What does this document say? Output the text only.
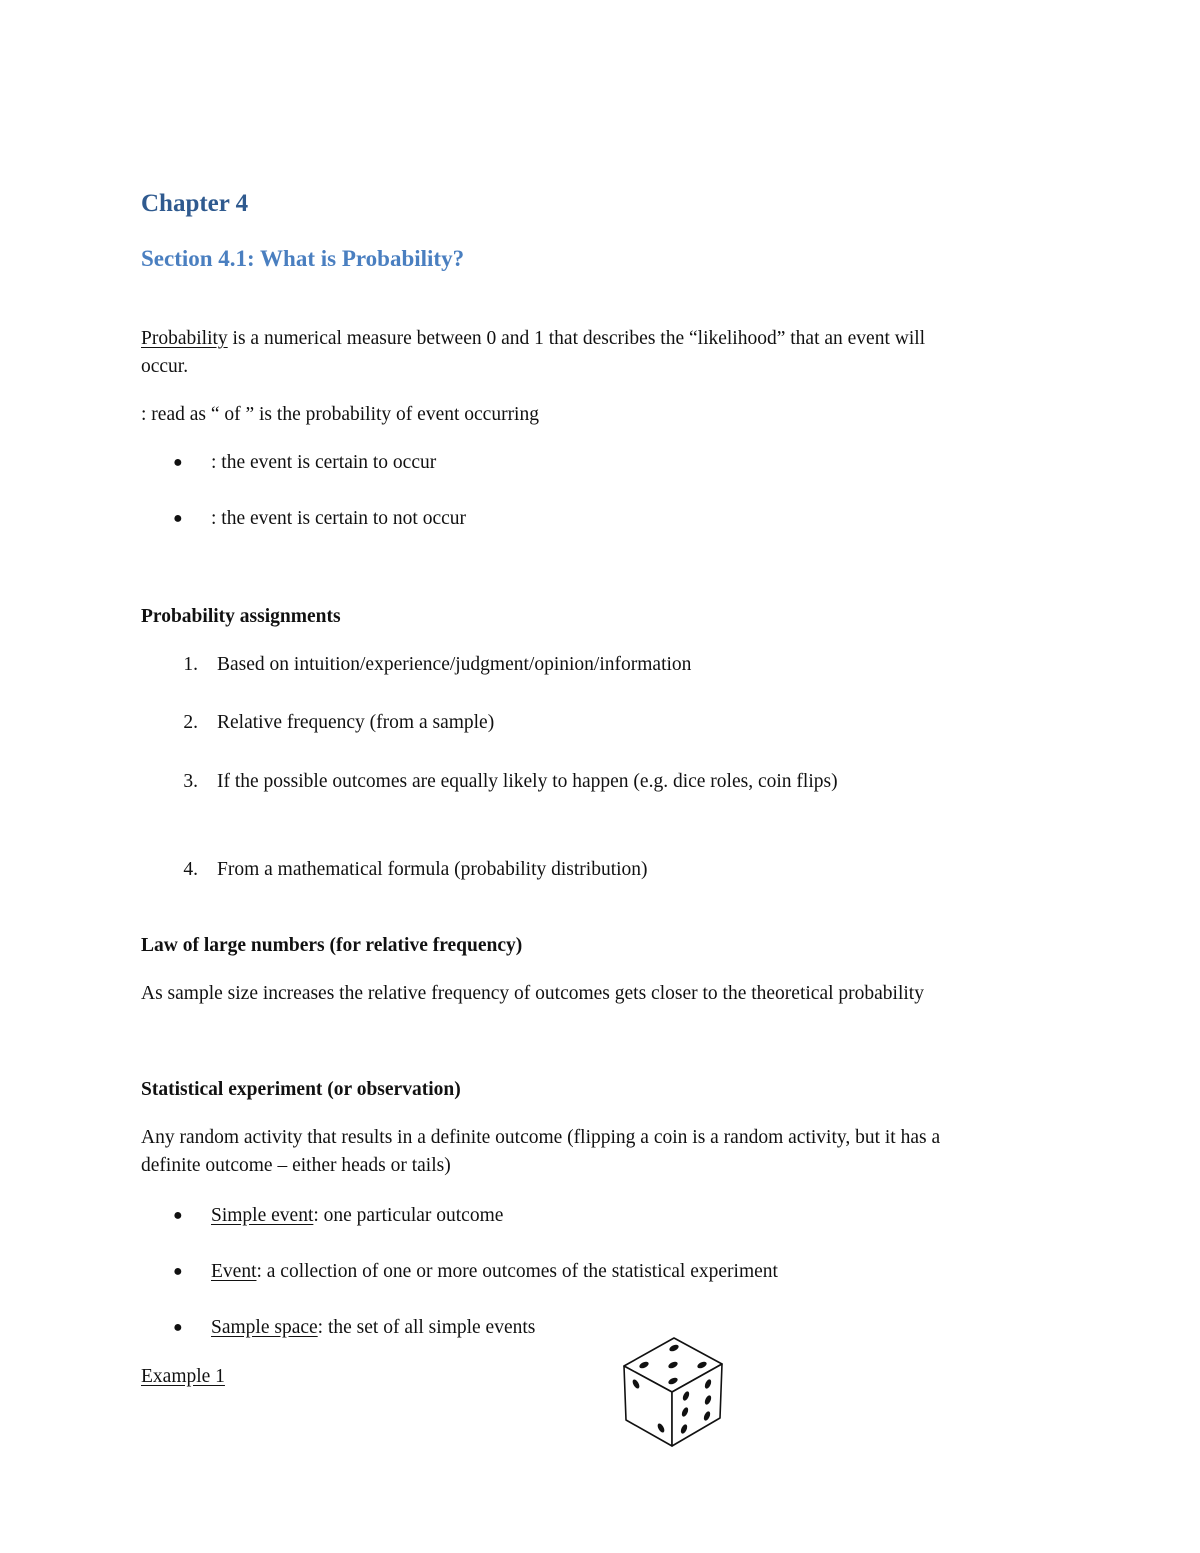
Chapter 4
Section 4.1: What is Probability?
Probability is a numerical measure between 0 and 1 that describes the “likelihood” that an event will
occur.
: read as “ of ” is the probability of event occurring
● : the event is certain to occur
● : the event is certain to not occur
Probability assignments
1. Based on intuition/experience/judgment/opinion/information
2. Relative frequency (from a sample)
3. If the possible outcomes are equally likely to happen (e.g. dice roles, coin flips)
4. From a mathematical formula (probability distribution)
Law of large numbers (for relative frequency)
As sample size increases the relative frequency of outcomes gets closer to the theoretical probability
Statistical experiment (or observation)
Any random activity that results in a definite outcome (flipping a coin is a random activity, but it has a
definite outcome – either heads or tails)
● Simple event: one particular outcome
● Event: a collection of one or more outcomes of the statistical experiment
● Sample space: the set of all simple events
Example 1
